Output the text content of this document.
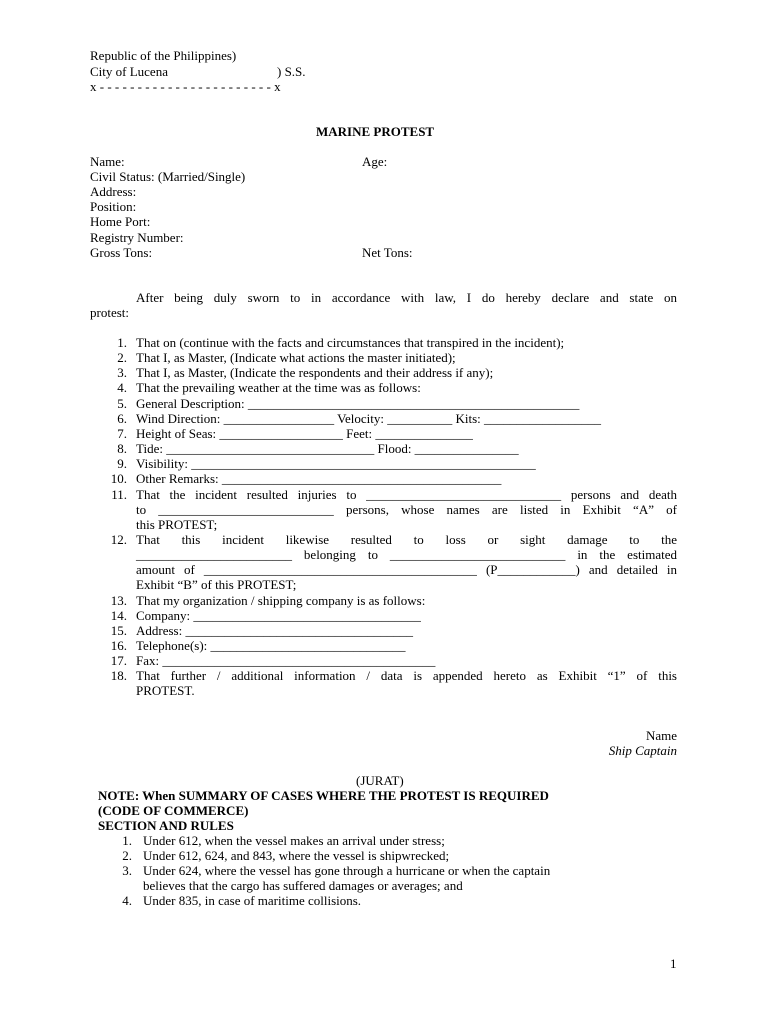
Republic of the Philippines)
City of Lucena	) S.S.
x - - - - - - - - - - - - - - - - - - - - - - - x
MARINE PROTEST
Name:	Age:
Civil Status: (Married/Single)
Address:
Position:
Home Port:
Registry Number:
Gross Tons:	Net Tons:
After being duly sworn to in accordance with law, I do hereby declare and state on
protest:
1. That on (continue with the facts and circumstances that transpired in the incident);
2. That I, as Master, (Indicate what actions the master initiated);
3. That I, as Master, (Indicate the respondents and their address if any);
4. That the prevailing weather at the time was as follows:
5. General Description: ___________________________________________________
6. Wind Direction: _________________ Velocity: __________ Kits: __________________
7. Height of Seas: ___________________ Feet: _______________
8. Tide: ________________________________ Flood: ________________
9. Visibility: _____________________________________________________
10. Other Remarks: ___________________________________________
11. That the incident resulted injuries to ______________________________ persons and death
to ___________________________ persons, whose names are listed in Exhibit “A” of
this PROTEST;
12. That this incident likewise resulted to loss or sight damage to the
________________________ belonging to ___________________________ in the estimated
amount of __________________________________________ (P____________) and detailed in
Exhibit “B” of this PROTEST;
13. That my organization / shipping company is as follows:
14. Company: ___________________________________
15. Address: ___________________________________
16. Telephone(s): ______________________________
17. Fax: __________________________________________
18. That further / additional information / data is appended hereto as Exhibit “1” of this
PROTEST.
Name
Ship Captain
(JURAT)
NOTE: When SUMMARY OF CASES WHERE THE PROTEST IS REQUIRED
(CODE OF COMMERCE)
SECTION AND RULES
1. Under 612, when the vessel makes an arrival under stress;
2. Under 612, 624, and 843, where the vessel is shipwrecked;
3. Under 624, where the vessel has gone through a hurricane or when the captain
believes that the cargo has suffered damages or averages; and
4. Under 835, in case of maritime collisions.
1
